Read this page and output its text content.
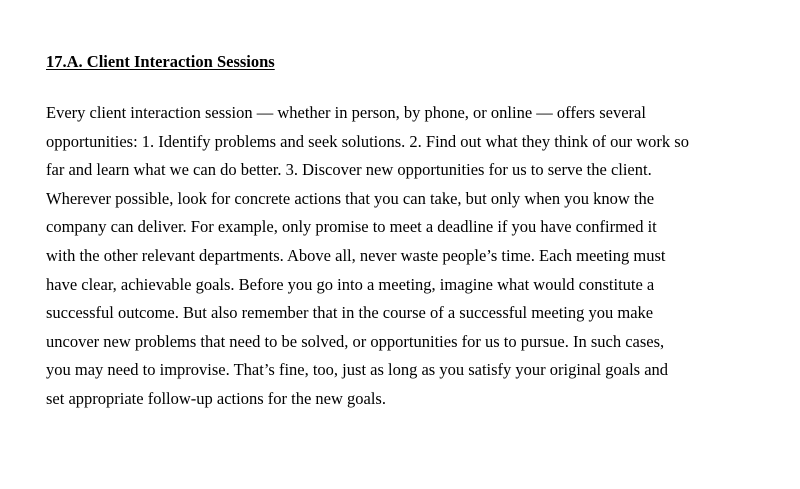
17.A. Client Interaction Sessions

Every client interaction session — whether in person, by phone, or online — offers several
opportunities: 1. Identify problems and seek solutions. 2. Find out what they think of our work so
far and learn what we can do better. 3. Discover new opportunities for us to serve the client.
Wherever possible, look for concrete actions that you can take, but only when you know the
company can deliver. For example, only promise to meet a deadline if you have confirmed it
with the other relevant departments. Above all, never waste people’s time. Each meeting must
have clear, achievable goals. Before you go into a meeting, imagine what would constitute a
successful outcome. But also remember that in the course of a successful meeting you make
uncover new problems that need to be solved, or opportunities for us to pursue. In such cases,
you may need to improvise. That’s fine, too, just as long as you satisfy your original goals and
set appropriate follow-up actions for the new goals.
